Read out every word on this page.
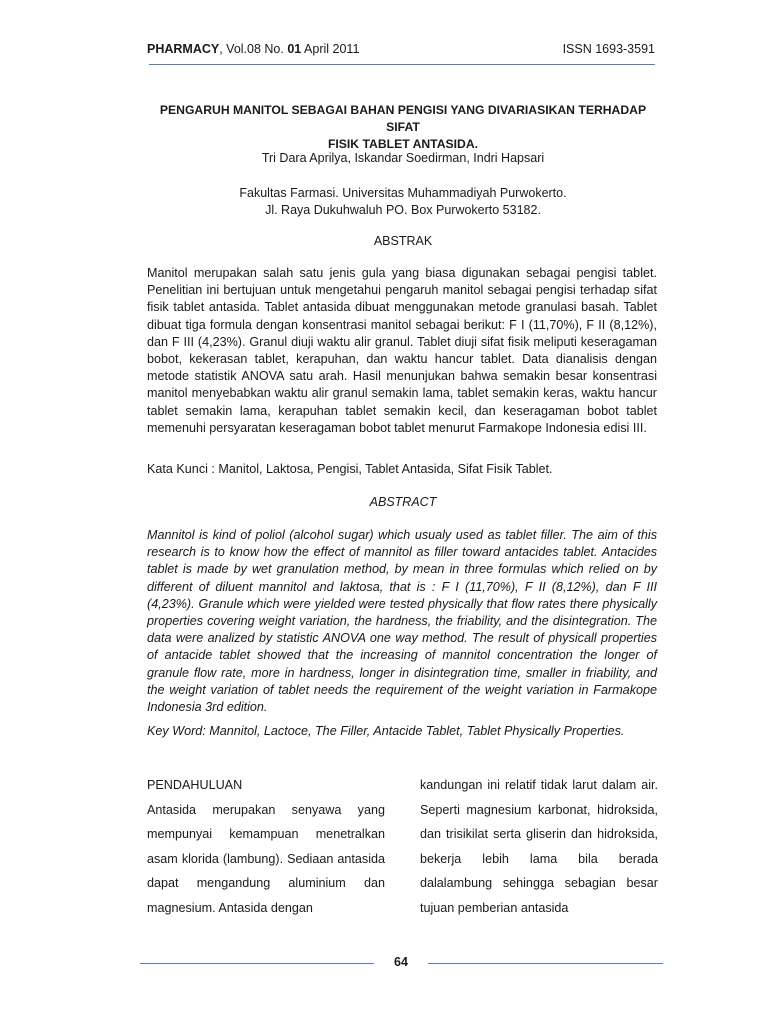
PHARMACY, Vol.08 No. 01 April 2011	ISSN 1693-3591
PENGARUH MANITOL SEBAGAI BAHAN PENGISI YANG DIVARIASIKAN TERHADAP SIFAT
FISIK TABLET ANTASIDA.
Tri Dara Aprilya, Iskandar Soedirman, Indri Hapsari
Fakultas Farmasi. Universitas Muhammadiyah Purwokerto.
Jl. Raya Dukuhwaluh PO. Box Purwokerto 53182.
ABSTRAK
Manitol merupakan salah satu jenis gula yang biasa digunakan sebagai pengisi tablet. Penelitian ini bertujuan untuk mengetahui pengaruh manitol sebagai pengisi terhadap sifat fisik tablet antasida. Tablet antasida dibuat menggunakan metode granulasi basah. Tablet dibuat tiga formula dengan konsentrasi manitol sebagai berikut: F I (11,70%), F II (8,12%), dan F III (4,23%). Granul diuji waktu alir granul. Tablet diuji sifat fisik meliputi keseragaman bobot, kekerasan tablet, kerapuhan, dan waktu hancur tablet. Data dianalisis dengan metode statistik ANOVA satu arah. Hasil menunjukan bahwa semakin besar konsentrasi manitol menyebabkan waktu alir granul semakin lama, tablet semakin keras, waktu hancur tablet semakin lama, kerapuhan tablet semakin kecil, dan keseragaman bobot tablet memenuhi persyaratan keseragaman bobot tablet menurut Farmakope Indonesia edisi III.
Kata Kunci : Manitol, Laktosa, Pengisi, Tablet Antasida, Sifat Fisik Tablet.
ABSTRACT
Mannitol is kind of poliol (alcohol sugar) which usualy used as tablet filler. The aim of this research is to know how the effect of mannitol as filler toward antacides tablet. Antacides tablet is made by wet granulation method, by mean in three formulas which relied on by different of diluent mannitol and laktosa, that is : F I (11,70%), F II (8,12%), dan F III (4,23%). Granule which were yielded were tested physically that flow rates there physically properties covering weight variation, the hardness, the friability, and the disintegration. The data were analized by statistic ANOVA one way method. The result of physicall properties of antacide tablet showed that the increasing of mannitol concentration the longer of granule flow rate, more in hardness, longer in disintegration time, smaller in friability, and the weight variation of tablet needs the requirement of the weight variation in Farmakope Indonesia 3rd edition.
Key Word: Mannitol, Lactoce, The Filler, Antacide Tablet, Tablet Physically Properties.
PENDAHULUAN
Antasida merupakan senyawa yang mempunyai kemampuan menetralkan asam klorida (lambung). Sediaan antasida dapat mengandung aluminium dan magnesium. Antasida dengan
kandungan ini relatif tidak larut dalam air. Seperti magnesium karbonat, hidroksida, dan trisikilat serta gliserin dan hidroksida, bekerja lebih lama bila berada dalalambung sehingga sebagian besar tujuan pemberian antasida
64
